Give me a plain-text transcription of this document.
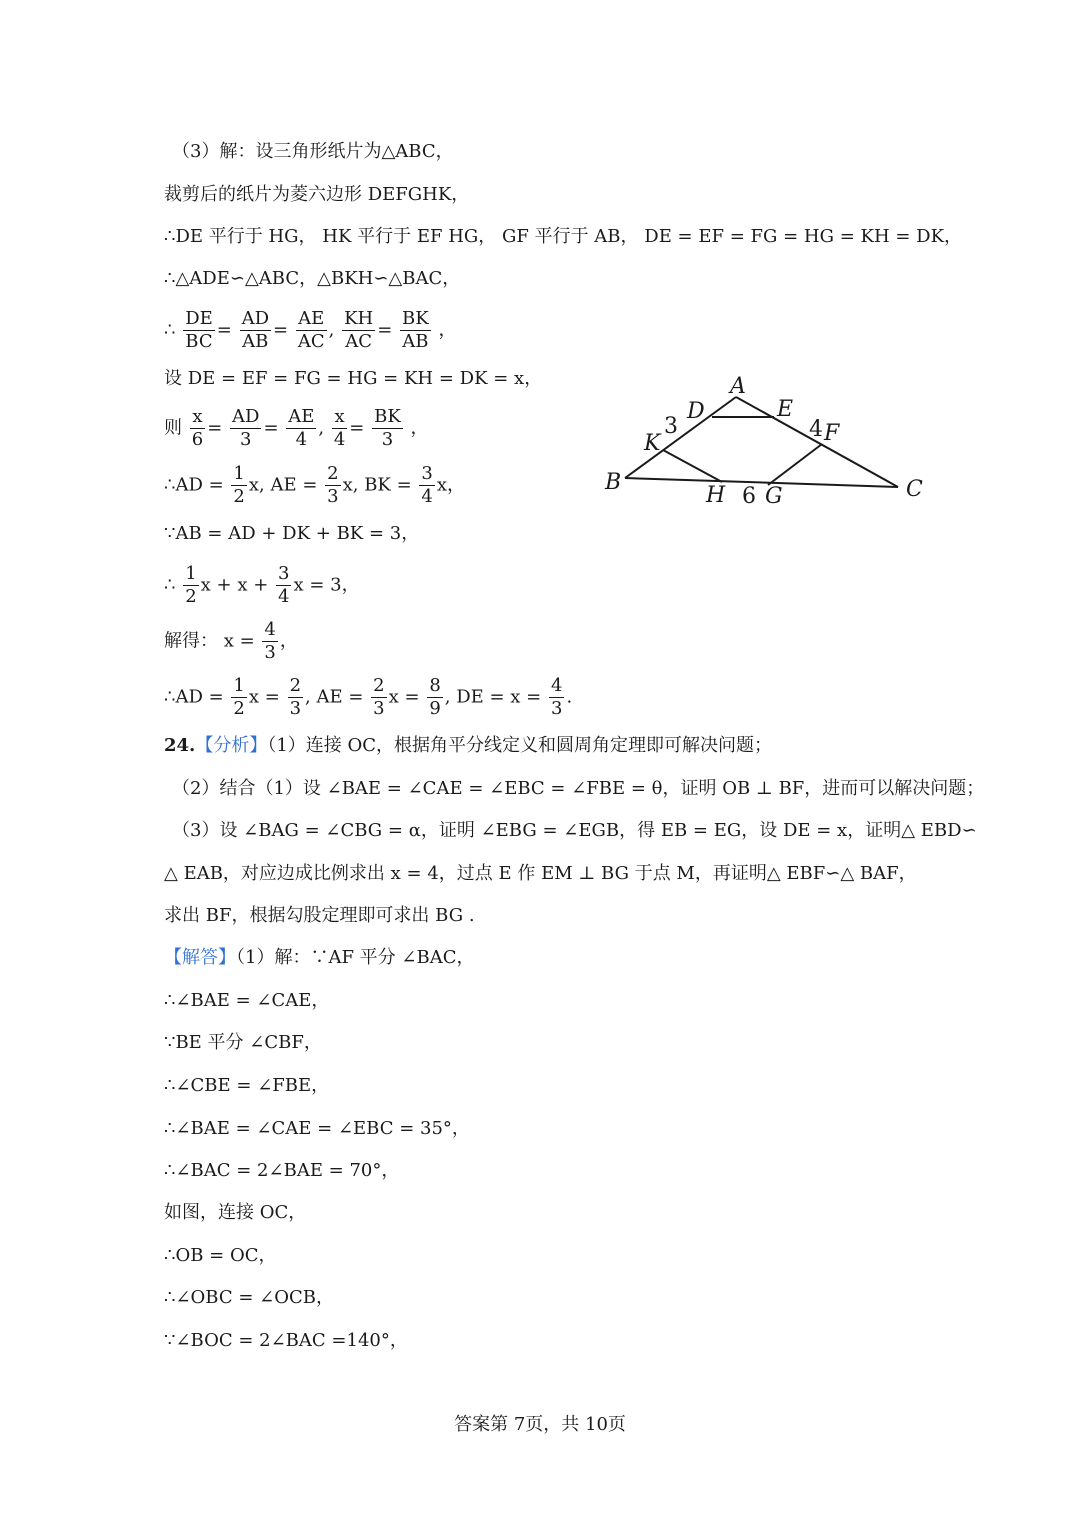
（3）解：设三角形纸片为△ABC，
裁剪后的纸片为菱六边形 DEFGHK，
∴DE 平行于 HG， HK 平行于 EF HG， GF 平行于 AB， DE = EF = FG = HG = KH = DK，
∴△ADE∽△ABC，△BKH∽△BAC，
∴ $\frac{DE}{BC} = \frac{AD}{AB} = \frac{AE}{AC}$ , $\frac{KH}{AC} = \frac{BK}{AB}$ ，
设 DE = EF = FG = HG = KH = DK = x，
则 $\frac{x}{6} = \frac{AD}{3} = \frac{AE}{4}$ , $\frac{x}{4} = \frac{BK}{3}$ ，
∴AD = $\frac{1}{2} x$, AE = $\frac{2}{3} x$, BK = $\frac{3}{4}$ x，
∵AB = AD + DK + BK = 3，
∴ $\frac{1}{2}$ $x + x + \frac{3}{4}$ x = 3，
解得： $x = \frac{4}{3}$ ，
∴AD = $\frac{1}{2}$ $x = \frac{2}{3}$ , AE = $\frac{2}{3}$ $x = \frac{8}{9}$ , DE = $x = \frac{4}{3}$ .
A
D	E
3	4 F
K
B
H 6 G	C
24.【分析】（1）连接 OC，根据角平分线定义和圆周角定理即可解决问题；
（2）结合（1）设 ∠BAE = ∠CAE = ∠EBC = ∠FBE = θ，证明 OB ⊥ BF，进而可以解决问题；
（3）设 ∠BAG = ∠CBG = α，证明 ∠EBG = ∠EGB，得 EB = EG，设 DE = x，证明△ EBD∽
△ EAB，对应边成比例求出 x = 4，过点 E 作 EM ⊥ BG 于点 M，再证明△ EBF∽△ BAF，
求出 BF，根据勾股定理即可求出 BG .
【解答】（1）解：∵AF 平分 ∠BAC，
∴∠BAE = ∠CAE，
∵BE 平分 ∠CBF，
∴∠CBE = ∠FBE，
∴∠BAE = ∠CAE = ∠EBC = 35°，
∴∠BAC = 2∠BAE = 70°，
如图，连接 OC，
∴OB = OC，
∴∠OBC = ∠OCB，
∵∠BOC = 2∠BAC =140°，
答案第 7页，共 10页
